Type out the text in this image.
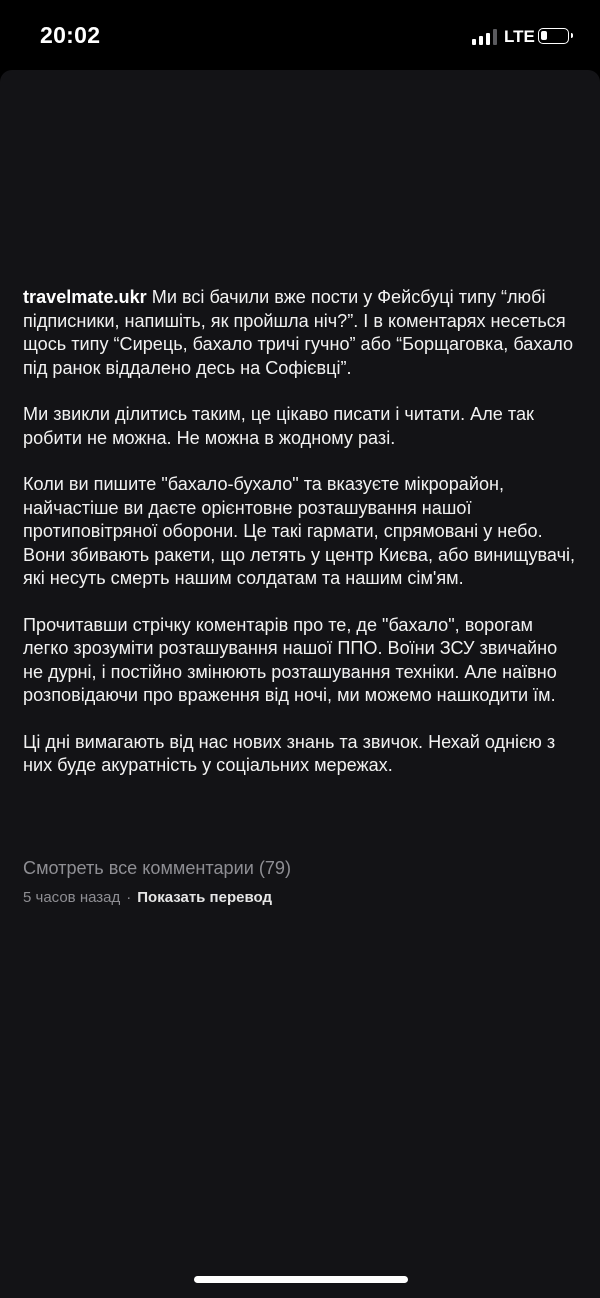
20:02	LTE

travelmate.ukr Ми всі бачили вже пости у Фейсбуці типу “любі підписники, напишіть, як пройшла ніч?”. І в коментарях несеться щось типу “Сирець, бахало тричі гучно” або “Борщаговка, бахало під ранок віддалено десь на Софієвці”.

Ми звикли ділитись таким, це цікаво писати і читати. Але так робити не можна. Не можна в жодному разі.

Коли ви пишите "бахало-бухало" та вказуєте мікрорайон, найчастіше ви даєте орієнтовне розташування нашої протиповітряної оборони. Це такі гармати, спрямовані у небо. Вони збивають ракети, що летять у центр Києва, або винищувачі, які несуть смерть нашим солдатам та нашим сім'ям.

Прочитавши стрічку коментарів про те, де "бахало", ворогам легко зрозуміти розташування нашої ППО. Воїни ЗСУ звичайно не дурні, і постійно змінюють розташування техніки. Але наївно розповідаючи про враження від ночі, ми можемо нашкодити їм.

Ці дні вимагають від нас нових знань та звичок. Нехай однією з них буде акуратність у соціальних мережах.

Смотреть все комментарии (79)
5 часов назад · Показать перевод
